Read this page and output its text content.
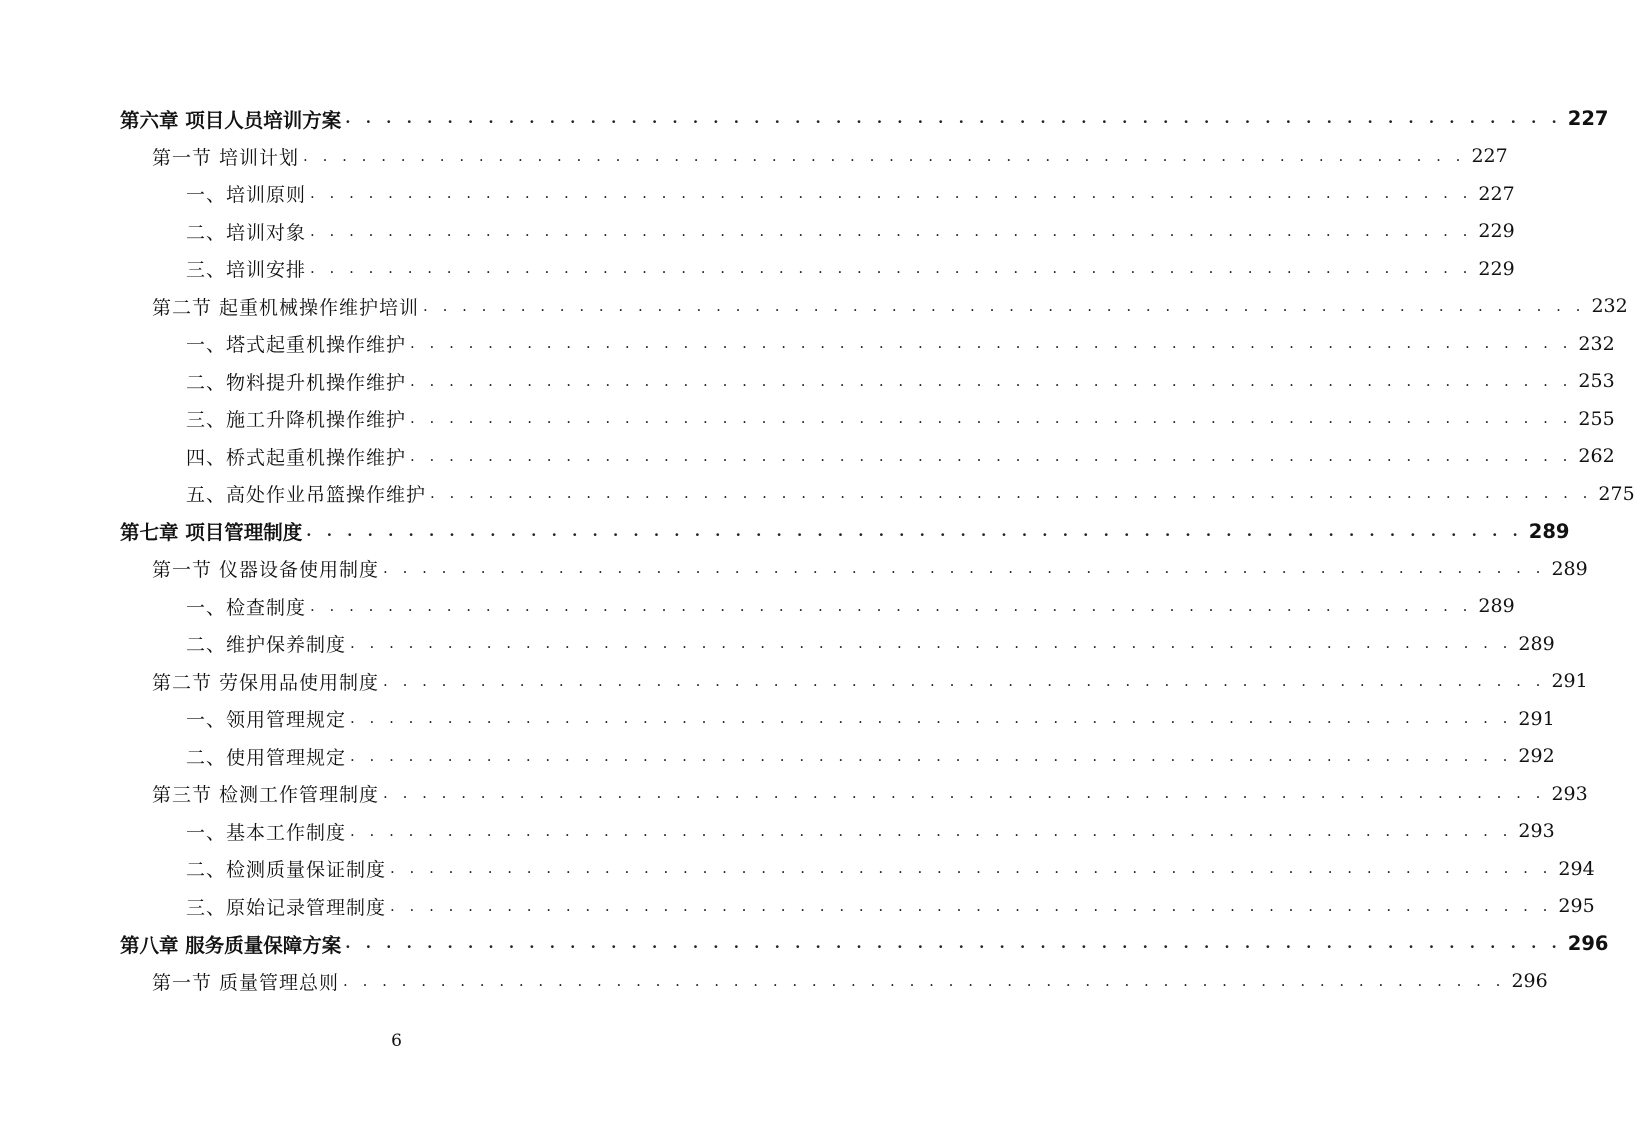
第六章 项目人员培训方案 . . . . . . . . . . . . . . . . . . . . . . . . . . . . . . . . . . . . . . . . . . . . . . . . . . . . . . . . . . . . 227
第一节 培训计划 . . . . . . . . . . . . . . . . . . . . . . . . . . . . . . . . . . . . . . . . . . . . . . . . . . . . . . . . . . . . 227
一、培训原则 . . . . . . . . . . . . . . . . . . . . . . . . . . . . . . . . . . . . . . . . . . . . . . . . . . . . . . . . . . . . 227
二、培训对象 . . . . . . . . . . . . . . . . . . . . . . . . . . . . . . . . . . . . . . . . . . . . . . . . . . . . . . . . . . . . 229
三、培训安排 . . . . . . . . . . . . . . . . . . . . . . . . . . . . . . . . . . . . . . . . . . . . . . . . . . . . . . . . . . . . 229
第二节 起重机械操作维护培训 . . . . . . . . . . . . . . . . . . . . . . . . . . . . . . . . . . . . . . . . . . . . . . . . . . . . . . . . . . . . 232
一、塔式起重机操作维护 . . . . . . . . . . . . . . . . . . . . . . . . . . . . . . . . . . . . . . . . . . . . . . . . . . . . . . . . . . . . 232
二、物料提升机操作维护 . . . . . . . . . . . . . . . . . . . . . . . . . . . . . . . . . . . . . . . . . . . . . . . . . . . . . . . . . . . . 253
三、施工升降机操作维护 . . . . . . . . . . . . . . . . . . . . . . . . . . . . . . . . . . . . . . . . . . . . . . . . . . . . . . . . . . . . 255
四、桥式起重机操作维护 . . . . . . . . . . . . . . . . . . . . . . . . . . . . . . . . . . . . . . . . . . . . . . . . . . . . . . . . . . . . 262
五、高处作业吊篮操作维护 . . . . . . . . . . . . . . . . . . . . . . . . . . . . . . . . . . . . . . . . . . . . . . . . . . . . . . . . . . . . 275
第七章 项目管理制度 . . . . . . . . . . . . . . . . . . . . . . . . . . . . . . . . . . . . . . . . . . . . . . . . . . . . . . . . . . . . 289
第一节 仪器设备使用制度 . . . . . . . . . . . . . . . . . . . . . . . . . . . . . . . . . . . . . . . . . . . . . . . . . . . . . . . . . . . . 289
一、检查制度 . . . . . . . . . . . . . . . . . . . . . . . . . . . . . . . . . . . . . . . . . . . . . . . . . . . . . . . . . . . . 289
二、维护保养制度 . . . . . . . . . . . . . . . . . . . . . . . . . . . . . . . . . . . . . . . . . . . . . . . . . . . . . . . . . . . . 289
第二节 劳保用品使用制度 . . . . . . . . . . . . . . . . . . . . . . . . . . . . . . . . . . . . . . . . . . . . . . . . . . . . . . . . . . . . 291
一、领用管理规定 . . . . . . . . . . . . . . . . . . . . . . . . . . . . . . . . . . . . . . . . . . . . . . . . . . . . . . . . . . . . 291
二、使用管理规定 . . . . . . . . . . . . . . . . . . . . . . . . . . . . . . . . . . . . . . . . . . . . . . . . . . . . . . . . . . . . 292
第三节 检测工作管理制度 . . . . . . . . . . . . . . . . . . . . . . . . . . . . . . . . . . . . . . . . . . . . . . . . . . . . . . . . . . . . 293
一、基本工作制度 . . . . . . . . . . . . . . . . . . . . . . . . . . . . . . . . . . . . . . . . . . . . . . . . . . . . . . . . . . . . 293
二、检测质量保证制度 . . . . . . . . . . . . . . . . . . . . . . . . . . . . . . . . . . . . . . . . . . . . . . . . . . . . . . . . . . . . 294
三、原始记录管理制度 . . . . . . . . . . . . . . . . . . . . . . . . . . . . . . . . . . . . . . . . . . . . . . . . . . . . . . . . . . . . 295
第八章 服务质量保障方案 . . . . . . . . . . . . . . . . . . . . . . . . . . . . . . . . . . . . . . . . . . . . . . . . . . . . . . . . . . . . 296
第一节 质量管理总则 . . . . . . . . . . . . . . . . . . . . . . . . . . . . . . . . . . . . . . . . . . . . . . . . . . . . . . . . . . . . 296
6
